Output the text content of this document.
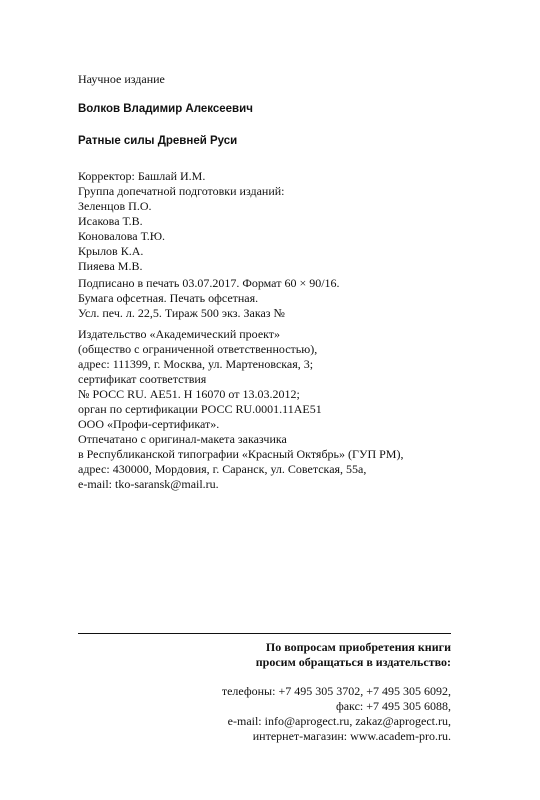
Научное издание
Волков Владимир Алексеевич
Ратные силы Древней Руси
Корректор: Башлай И.М.
Группа допечатной подготовки изданий:
Зеленцов П.О.
Исакова Т.В.
Коновалова Т.Ю.
Крылов К.А.
Пияева М.В.
Подписано в печать 03.07.2017. Формат 60 × 90/16.
Бумага офсетная. Печать офсетная.
Усл. печ. л. 22,5. Тираж 500 экз. Заказ №
Издательство «Академический проект»
(общество с ограниченной ответственностью),
адрес: 111399, г. Москва, ул. Мартеновская, 3;
сертификат соответствия
№ РОСС RU. АЕ51. Н 16070 от 13.03.2012;
орган по сертификации РОСС RU.0001.11АЕ51
ООО «Профи-сертификат».
Отпечатано с оригинал-макета заказчика
в Республиканской типографии «Красный Октябрь» (ГУП РМ),
адрес: 430000, Мордовия, г. Саранск, ул. Советская, 55а,
e-mail: tko-saransk@mail.ru.
По вопросам приобретения книги
просим обращаться в издательство:
телефоны: +7 495 305 3702, +7 495 305 6092,
факс: +7 495 305 6088,
e-mail: info@aprogect.ru, zakaz@aprogect.ru,
интернет-магазин: www.academ-pro.ru.
